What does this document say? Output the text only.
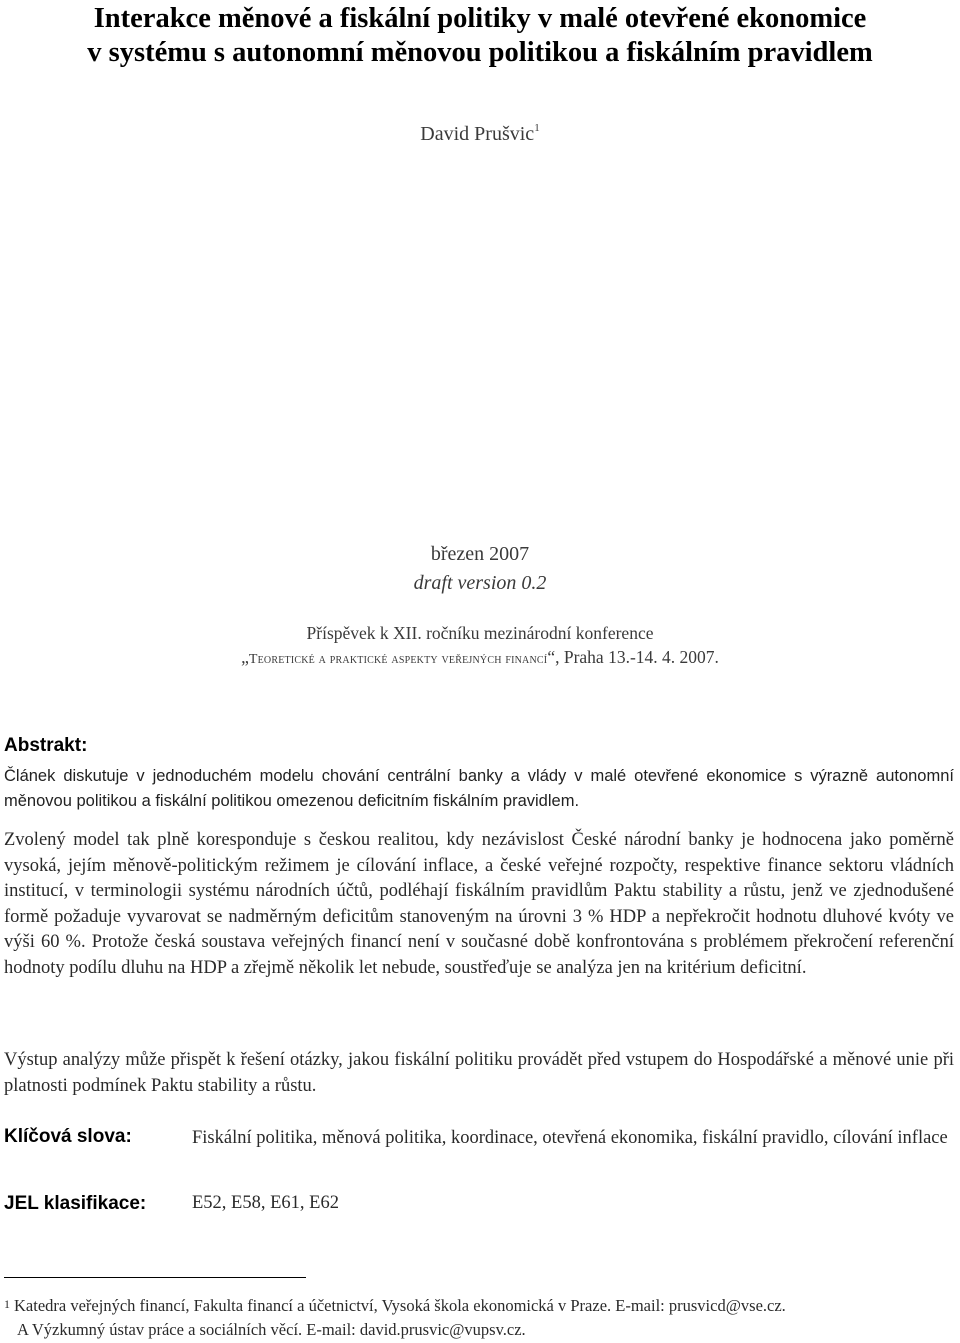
Interakce měnové a fiskální politiky v malé otevřené ekonomice
v systému s autonomní měnovou politikou a fiskálním pravidlem
David Prušvic$^1$
březen 2007
draft version 0.2
Příspěvek k XII. ročníku mezinárodní konference
„Teoretické a praktické aspekty veřejných financí“, Praha 13.-14. 4. 2007.
Abstrakt:
Článek diskutuje v jednoduchém modelu chování centrální banky a vlády v malé otevřené ekonomice s výrazně autonomní měnovou politikou a fiskální politikou omezenou deficitním fiskálním pravidlem.
Zvolený model tak plně koresponduje s českou realitou, kdy nezávislost České národní banky je hodnocena jako poměrně vysoká, jejím měnově-politickým režimem je cílování inflace, a české veřejné rozpočty, respektive finance sektoru vládních institucí, v terminologii systému národních účtů, podléhají fiskálním pravidlům Paktu stability a růstu, jenž ve zjednodušené formě požaduje vyvarovat se nadměrným deficitům stanoveným na úrovni 3 % HDP a nepřekročit hodnotu dluhové kvóty ve výši 60 %. Protože česká soustava veřejných financí není v současné době konfrontována s problémem překročení referenční hodnoty podílu dluhu na HDP a zřejmě několik let nebude, soustřeďuje se analýza jen na kritérium deficitní.
Výstup analýzy může přispět k řešení otázky, jakou fiskální politiku provádět před vstupem do Hospodářské a měnové unie při platnosti podmínek Paktu stability a růstu.
Klíčová slova:	Fiskální politika, měnová politika, koordinace, otevřená ekonomika, fiskální pravidlo, cílování inflace
JEL klasifikace: E52, E58, E61, E62
1 Katedra veřejných financí, Fakulta financí a účetnictví, Vysoká škola ekonomická v Praze. E-mail: prusvicd@vse.cz.
A Výzkumný ústav práce a sociálních věcí. E-mail: david.prusvic@vupsv.cz.
